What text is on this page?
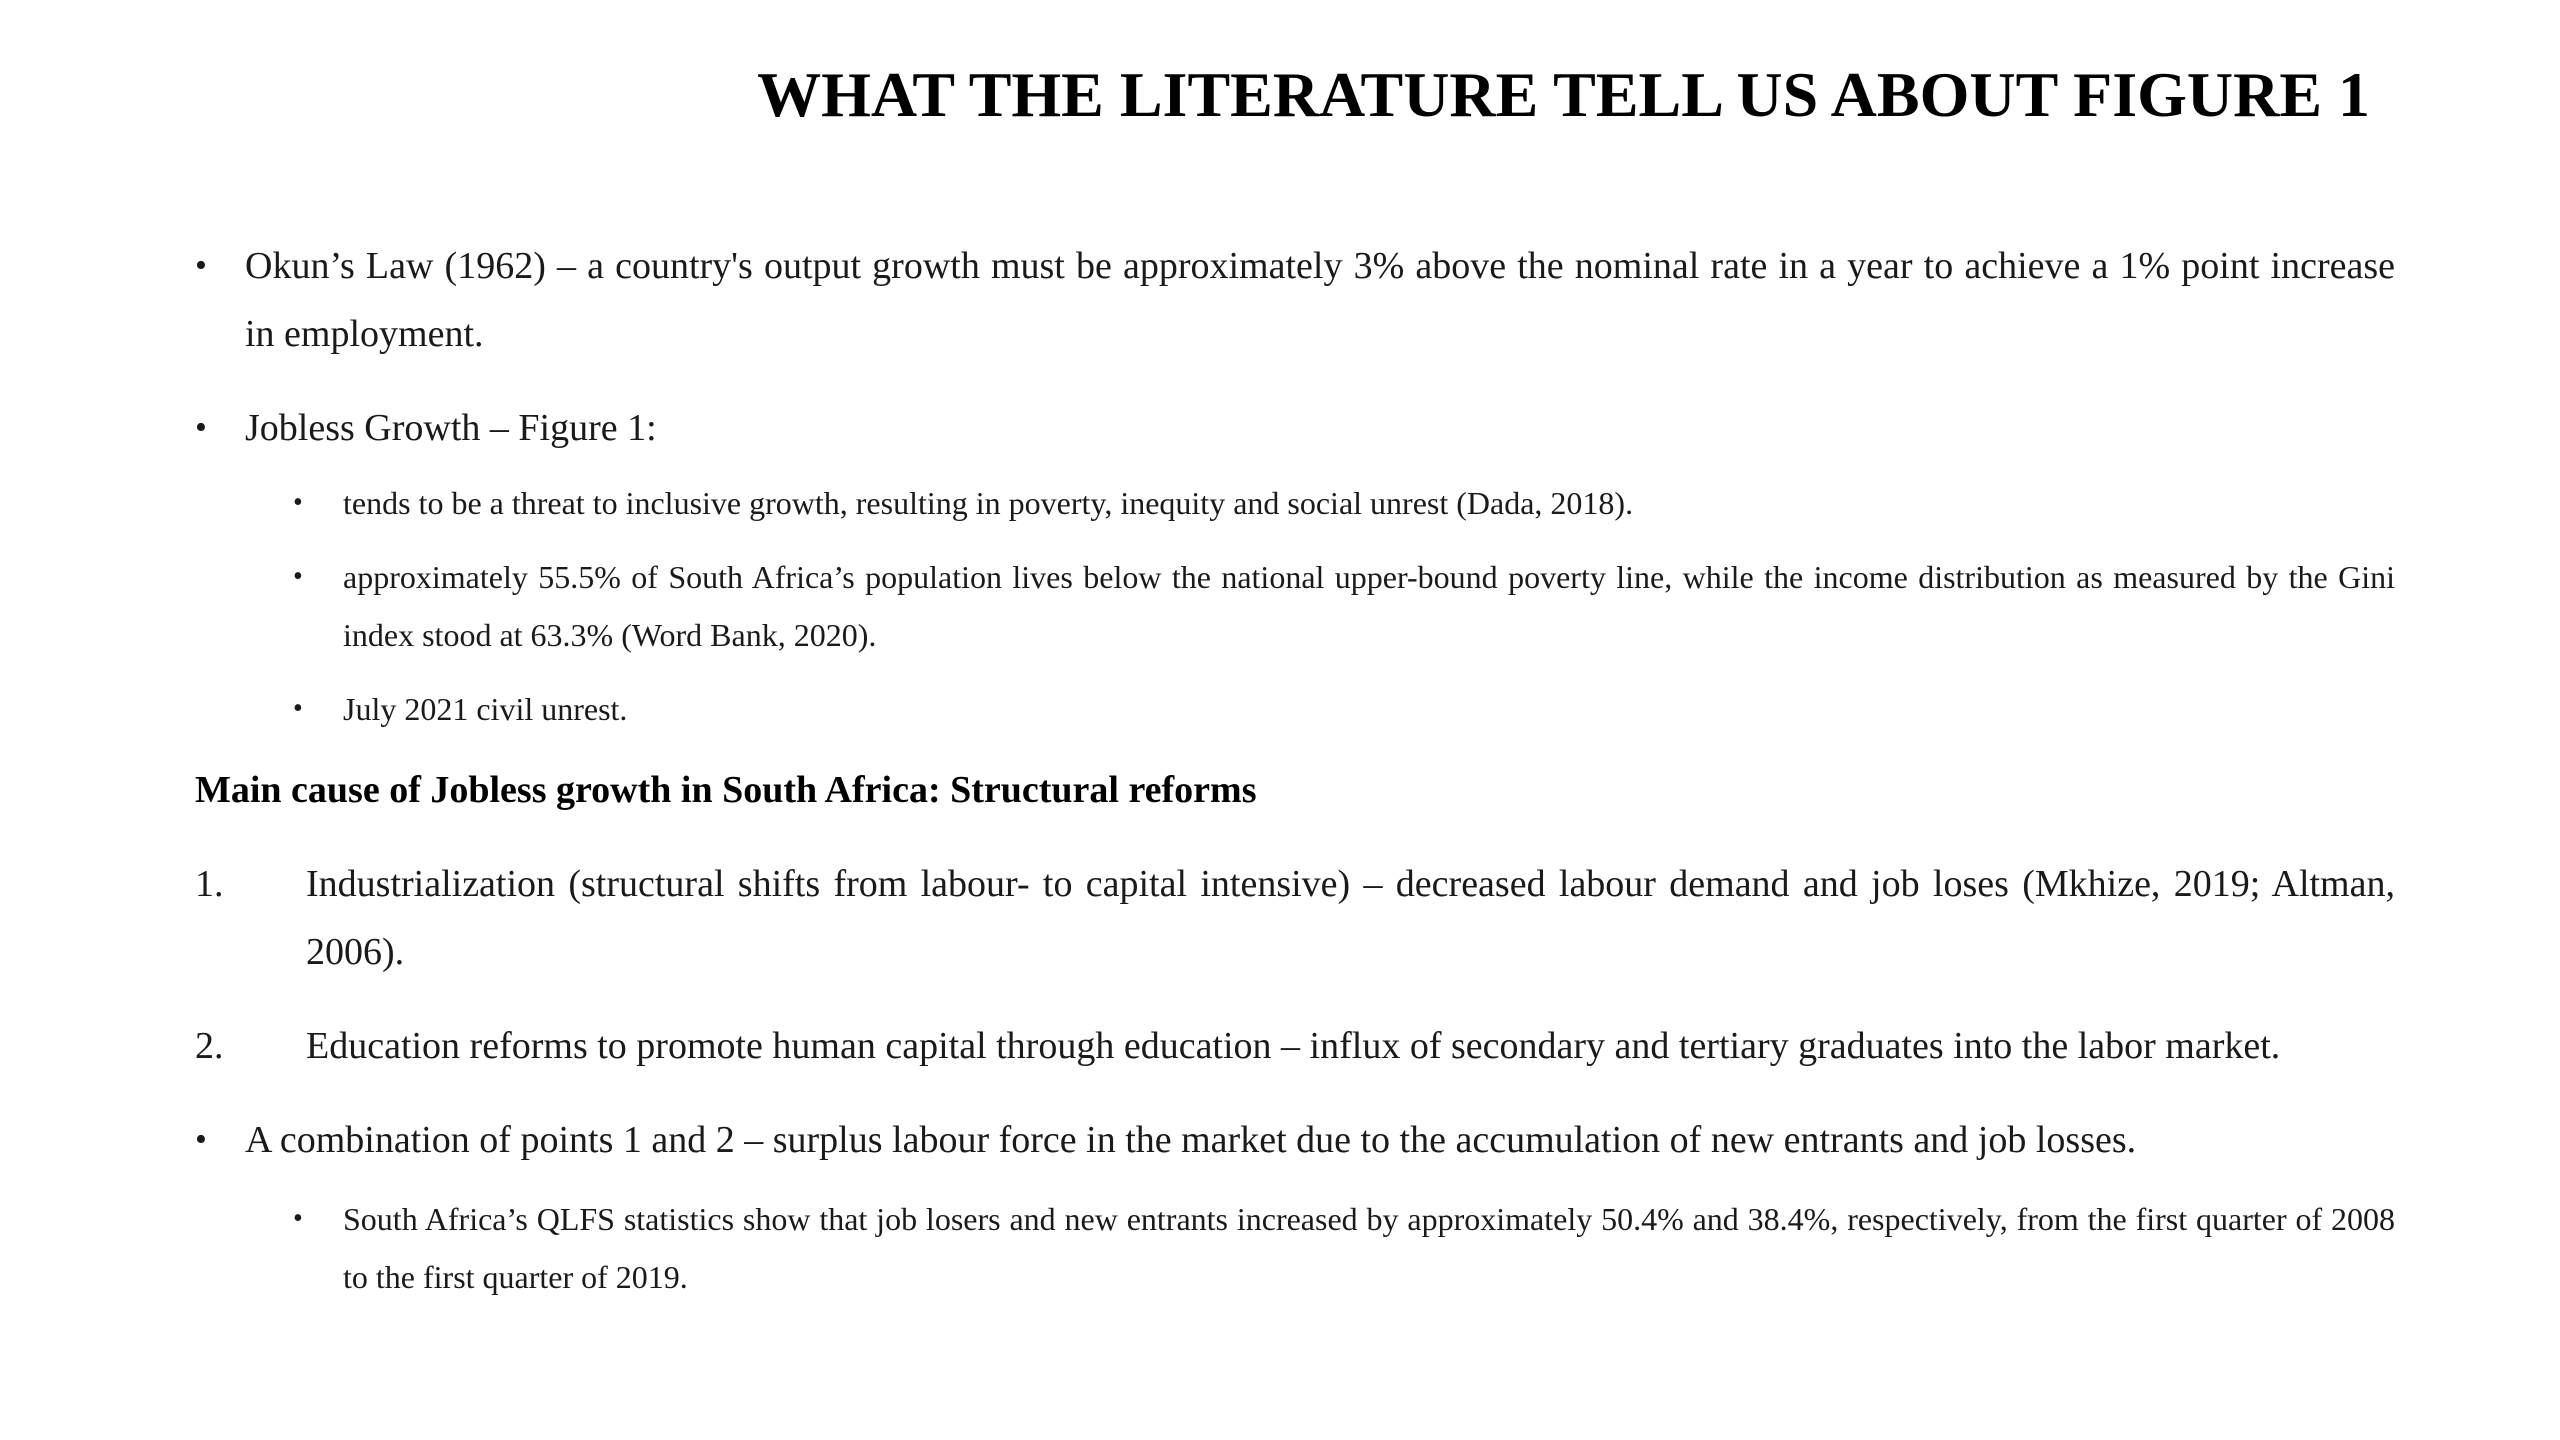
WHAT THE LITERATURE TELL US ABOUT FIGURE 1
• Okun’s Law (1962) – a country's output growth must be approximately 3% above the nominal rate in a year to achieve a 1% point increase in employment.
• Jobless Growth – Figure 1:
• tends to be a threat to inclusive growth, resulting in poverty, inequity and social unrest (Dada, 2018).
• approximately 55.5% of South Africa’s population lives below the national upper-bound poverty line, while the income distribution as measured by the Gini index stood at 63.3% (Word Bank, 2020).
• July 2021 civil unrest.
Main cause of Jobless growth in South Africa: Structural reforms
1. Industrialization (structural shifts from labour- to capital intensive) – decreased labour demand and job loses (Mkhize, 2019; Altman, 2006).
2. Education reforms to promote human capital through education – influx of secondary and tertiary graduates into the labor market.
• A combination of points 1 and 2 – surplus labour force in the market due to the accumulation of new entrants and job losses.
• South Africa’s QLFS statistics show that job losers and new entrants increased by approximately 50.4% and 38.4%, respectively, from the first quarter of 2008 to the first quarter of 2019.
